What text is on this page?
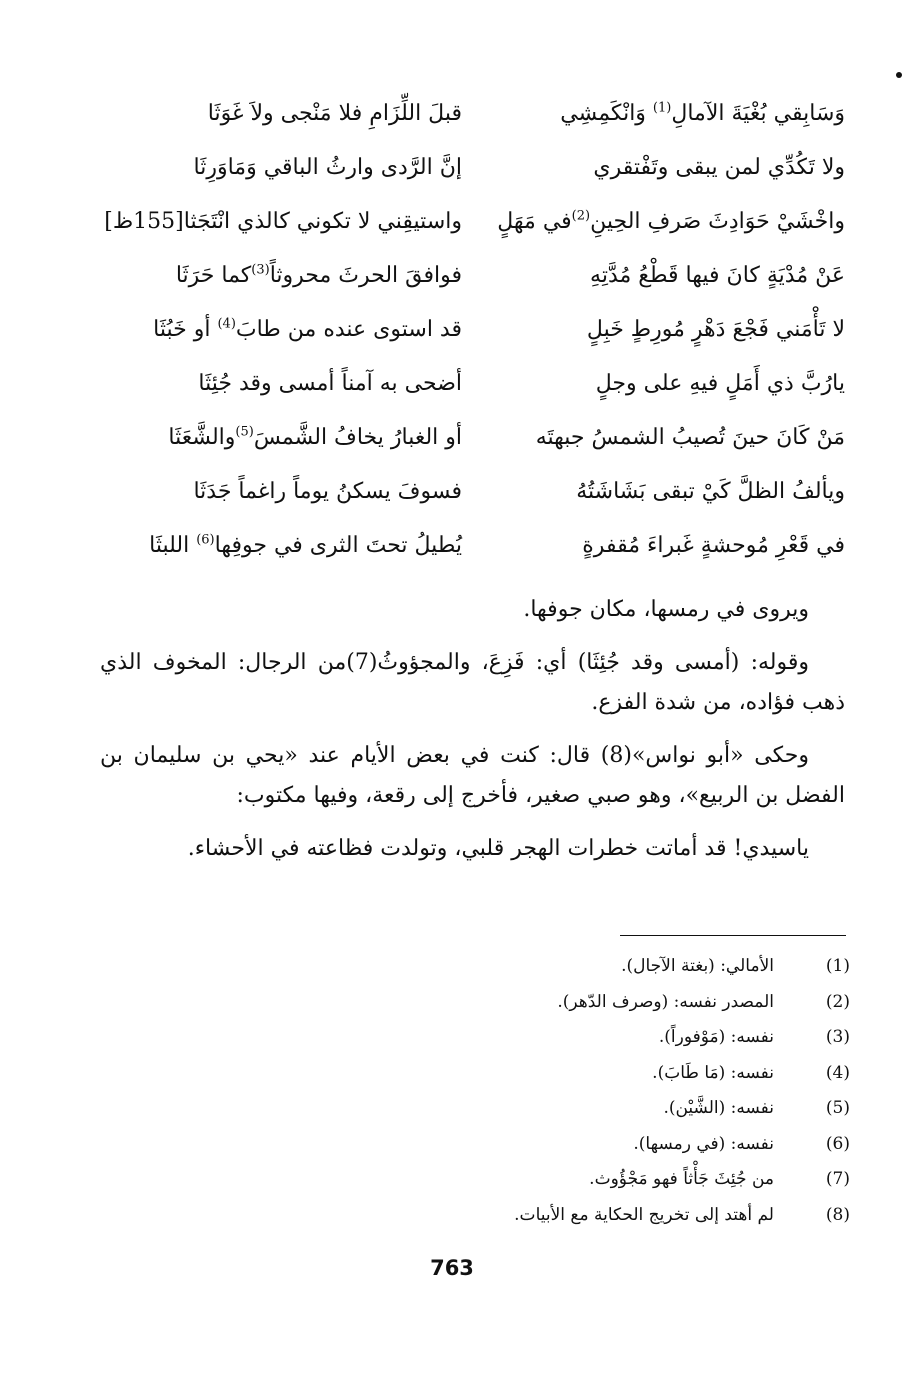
وَسَابِقي بُغْيَةَ الآمالِ$^{(1)}$ وَانْكَمِشِي
قبلَ اللِّزَامِ فلا مَنْجى ولاَ غَوَثَا
ولا تَكُدِّي لمن يبقى وتَفْتقري
إنَّ الرَّدى وارثُ الباقي وَمَاوَرِثَا
واخْشَيْ حَوَادِثَ صَرفِ الحِينِ$^{(2)}$في مَهَلٍ
واستيقِني لا تكوني كالذي انْتَجَثا[155ظ]
عَنْ مُدْيَةٍ كانَ فيها قَطْعُ مُدَّتِهِ
فوافقَ الحرثَ محروثاً$^{(3)}$كما حَرَثَا
لا تَأْمَني فَجْعَ دَهْرٍ مُورِطٍ خَبِلٍ
قد استوى عنده من طابَ$^{(4)}$ أو خَبُثَا
يارُبَّ ذي أَمَلٍ فيهِ على وجلٍ
أضحى به آمناً أمسى وقد جُئِثَا
مَنْ كَانَ حينَ تُصيبُ الشمسُ جبهتَه
أو الغبارُ يخافُ الشَّمسَ$^{(5)}$والشَّعَثَا
ويألفُ الظلَّ كَيْ تبقى بَشَاشَتُهُ
فسوفَ يسكنُ يوماً راغماً جَدَثَا
في قَعْرِ مُوحشةٍ غَبراءَ مُقفرةٍ
يُطيلُ تحتَ الثرى في جوفِها$^{(6)}$ اللبثَا

ويروى في رمسها، مكان جوفها.

وقوله: (أمسى وقد جُئِثَا) أي: فَزِعَ، والمجؤوثُ(7)من الرجال: المخوف الذي ذهب فؤاده، من شدة الفزع.

وحكى «أبو نواس»(8) قال: كنت في بعض الأيام عند «يحي بن سليمان بن الفضل بن الربيع»، وهو صبي صغير، فأخرج إلى رقعة، وفيها مكتوب:

ياسيدي! قد أماتت خطرات الهجر قلبي، وتولدت فظاعته في الأحشاء.

(1)
الأمالي: (بغتة الآجال).
(2)
المصدر نفسه: (وصرف الدّهر).
(3)
نفسه: (مَوْفوراً).
(4)
نفسه: (مَا طَابَ).
(5)
نفسه: (الشَّيْن).
(6)
نفسه: (في رمسها).
(7)
من جُئِثَ جَأْثاً فهو مَجْؤُوث.
(8)
لم أهتد إلى تخريج الحكاية مع الأبيات.
763
